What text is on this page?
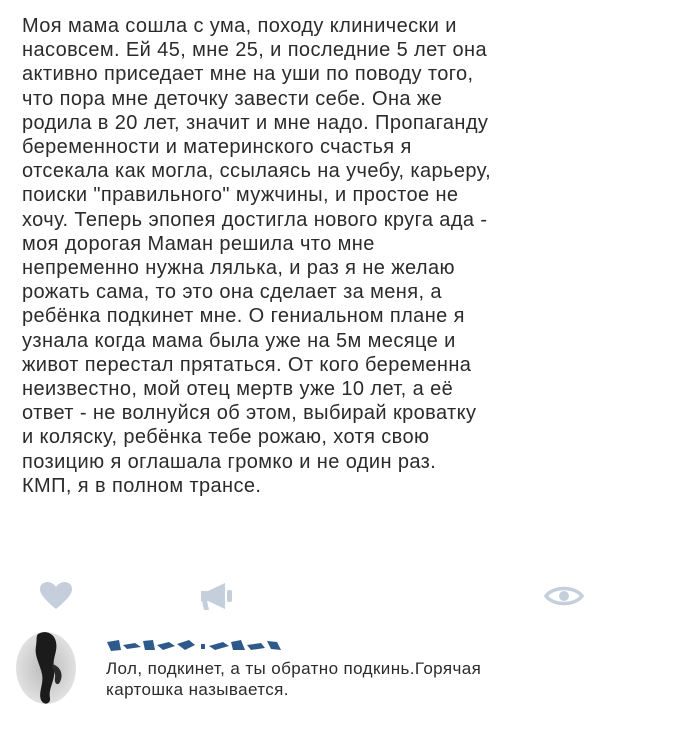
Моя мама сошла с ума, походу клинически и
насовсем. Ей 45, мне 25, и последние 5 лет она
активно приседает мне на уши по поводу того,
что пора мне деточку завести себе. Она же
родила в 20 лет, значит и мне надо. Пропаганду
беременности и материнского счастья я
отсекала как могла, ссылаясь на учебу, карьеру,
поиски "правильного" мужчины, и простое не
хочу. Теперь эпопея достигла нового круга ада -
моя дорогая Маман решила что мне
непременно нужна лялька, и раз я не желаю
рожать сама, то это она сделает за меня, а
ребёнка подкинет мне. О гениальном плане я
узнала когда мама была уже на 5м месяце и
живот перестал прятаться. От кого беременна
неизвестно, мой отец мертв уже 10 лет, а её
ответ - не волнуйся об этом, выбирай кроватку
и коляску, ребёнка тебе рожаю, хотя свою
позицию я оглашала громко и не один раз.
КМП, я в полном трансе.
Лол, подкинет, а ты обратно подкинь.Горячая
картошка называется.
